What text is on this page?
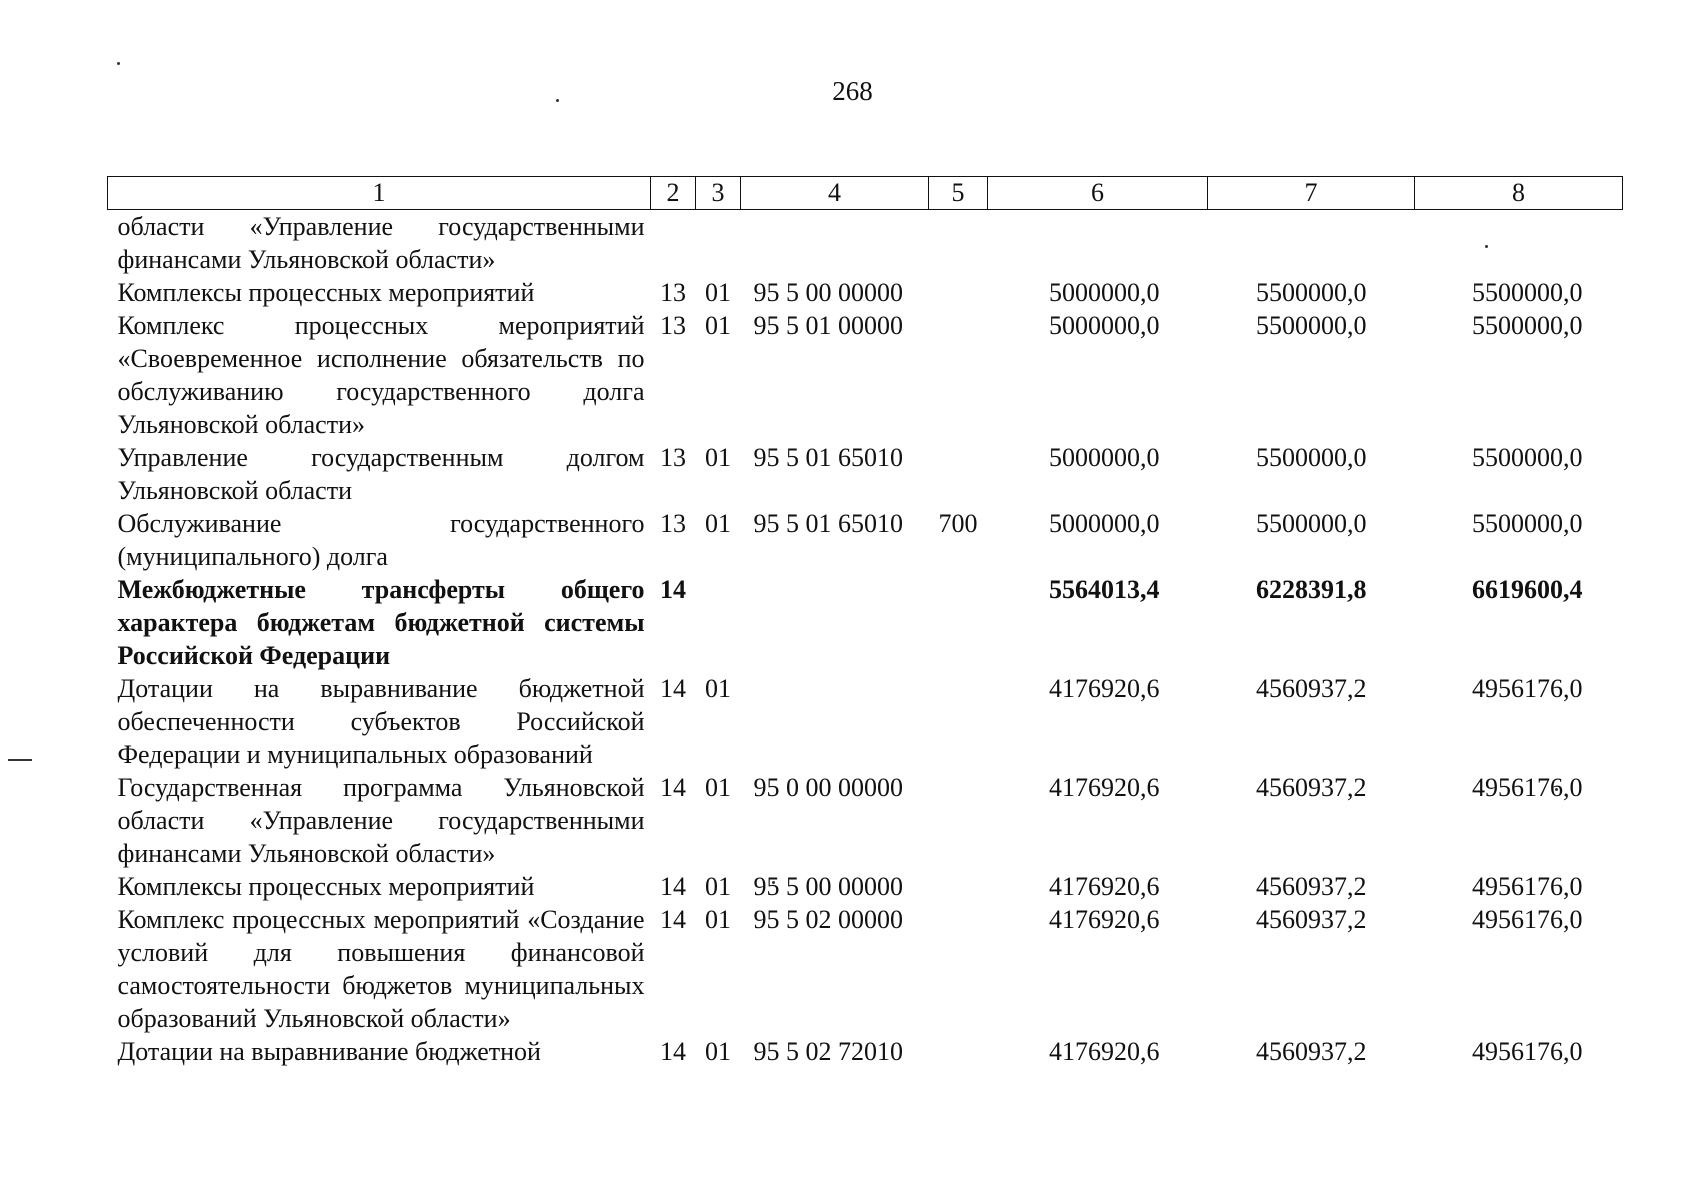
268
1	2	3	4	5	6	7	8
области «Управление государственными финансами Ульяновской области»							
Комплексы процессных мероприятий	13	01	95 5 00 00000		5000000,0	5500000,0	5500000,0
Комплекс процессных мероприятий «Своевременное исполнение обязательств по обслуживанию государственного долга Ульяновской области»	13	01	95 5 01 00000		5000000,0	5500000,0	5500000,0
Управление государственным долгом Ульяновской области	13	01	95 5 01 65010		5000000,0	5500000,0	5500000,0
Обслуживание государственного (муниципального) долга	13	01	95 5 01 65010	700	5000000,0	5500000,0	5500000,0
Межбюджетные трансферты общего характера бюджетам бюджетной системы Российской Федерации	14				5564013,4	6228391,8	6619600,4
Дотации на выравнивание бюджетной обеспеченности субъектов Российской Федерации и муниципальных образований	14	01			4176920,6	4560937,2	4956176,0
Государственная программа Ульяновской области «Управление государственными финансами Ульяновской области»	14	01	95 0 00 00000		4176920,6	4560937,2	4956176,0
Комплексы процессных мероприятий	14	01	95 5 00 00000		4176920,6	4560937,2	4956176,0
Комплекс процессных мероприятий «Создание условий для повышения финансовой самостоятельности бюджетов муниципальных образований Ульяновской области»	14	01	95 5 02 00000		4176920,6	4560937,2	4956176,0
Дотации на выравнивание бюджетной	14	01	95 5 02 72010		4176920,6	4560937,2	4956176,0
